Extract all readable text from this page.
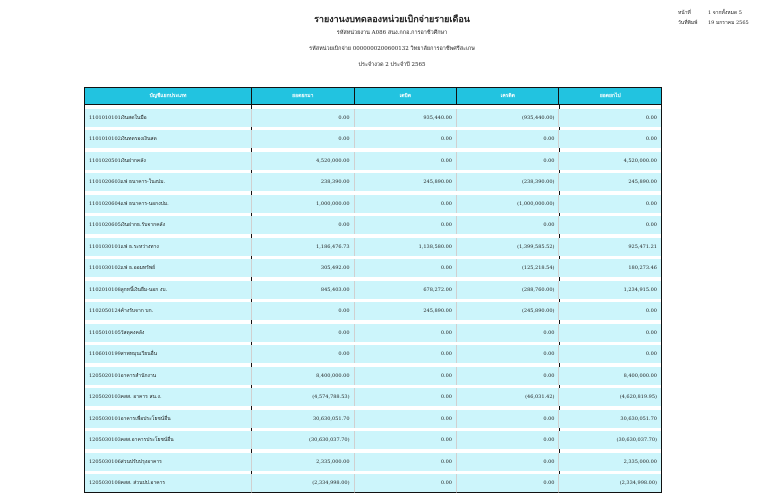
รายงานงบทดลองหน่วยเบิกจ่ายรายเดือน
รหัสหน่วยงาน A086 สนง.กกอ.การอาชีวศึกษา
รหัสหน่วยเบิกจ่าย 0000000200600132 วิทยาลัยการอาชีพศรีสะเกษ
ประจำงวด 2 ประจำปี 2565
หน้าที่	1 จากทั้งหมด 5
วันที่พิมพ์	19 มกราคม 2565
บัญชีแยกประเภท	ยอดยกมา	เดบิต	เครดิต	ยอดยกไป

1101010101 เงินสดในมือ	0.00	935,440.00	(935,440.00)	0.00

1101010102 เงินทดรองเงินสด	0.00	0.00	0.00	0.00

1101020501 เงินฝากคลัง	4,520,000.00	0.00	0.00	4,520,000.00

1101020603 แฟ ธนาคาร-ในงปม.	238,390.00	245,890.00	(238,390.00)	245,890.00

1101020604 แฟ ธนาคาร-นอกงปม.	1,000,000.00	0.00	(1,000,000.00)	0.00

1101020605 เงินฝากธ.รับจากคลัง	0.00	0.00	0.00	0.00

1101030101 แฟ ธ.ระหว่างทาง	1,186,476.73	1,138,580.00	(1,399,585.52)	925,471.21

1101030102 แฟ ธ.ออมทรัพย์	305,492.00	0.00	(125,218.54)	180,273.46

1102010108 ลูกหนี้เงินยืม-นอก งบ.	845,403.00	678,272.00	(288,760.00)	1,234,915.00

1102050124 ค้างรับจาก บก.	0.00	245,890.00	(245,890.00)	0.00

1105010105 วัสดุคงคลัง	0.00	0.00	0.00	0.00

1106010199 สาพหมุนเวียนอื่น	0.00	0.00	0.00	0.00

1205020101 อาคารสำนักงาน	8,400,000.00	0.00	0.00	8,400,000.00

1205020103 คสส. อาคาร สน.ง.	(4,574,788.53)	0.00	(46,031.42)	(4,620,819.95)

1205030101 อาคารเพื่อประโยชน์อื่น	30,630,051.70	0.00	0.00	30,630,051.70

1205030103 คสส.อาคารประโยชน์อื่น	(30,630,037.70)	0.00	0.00	(30,630,037.70)

1205030106 ส่วนปรับปรุงอาคาร	2,335,000.00	0.00	0.00	2,335,000.00

1205030108 คสส. ส่วนปป.อาคาร	(2,334,998.00)	0.00	0.00	(2,334,998.00)
